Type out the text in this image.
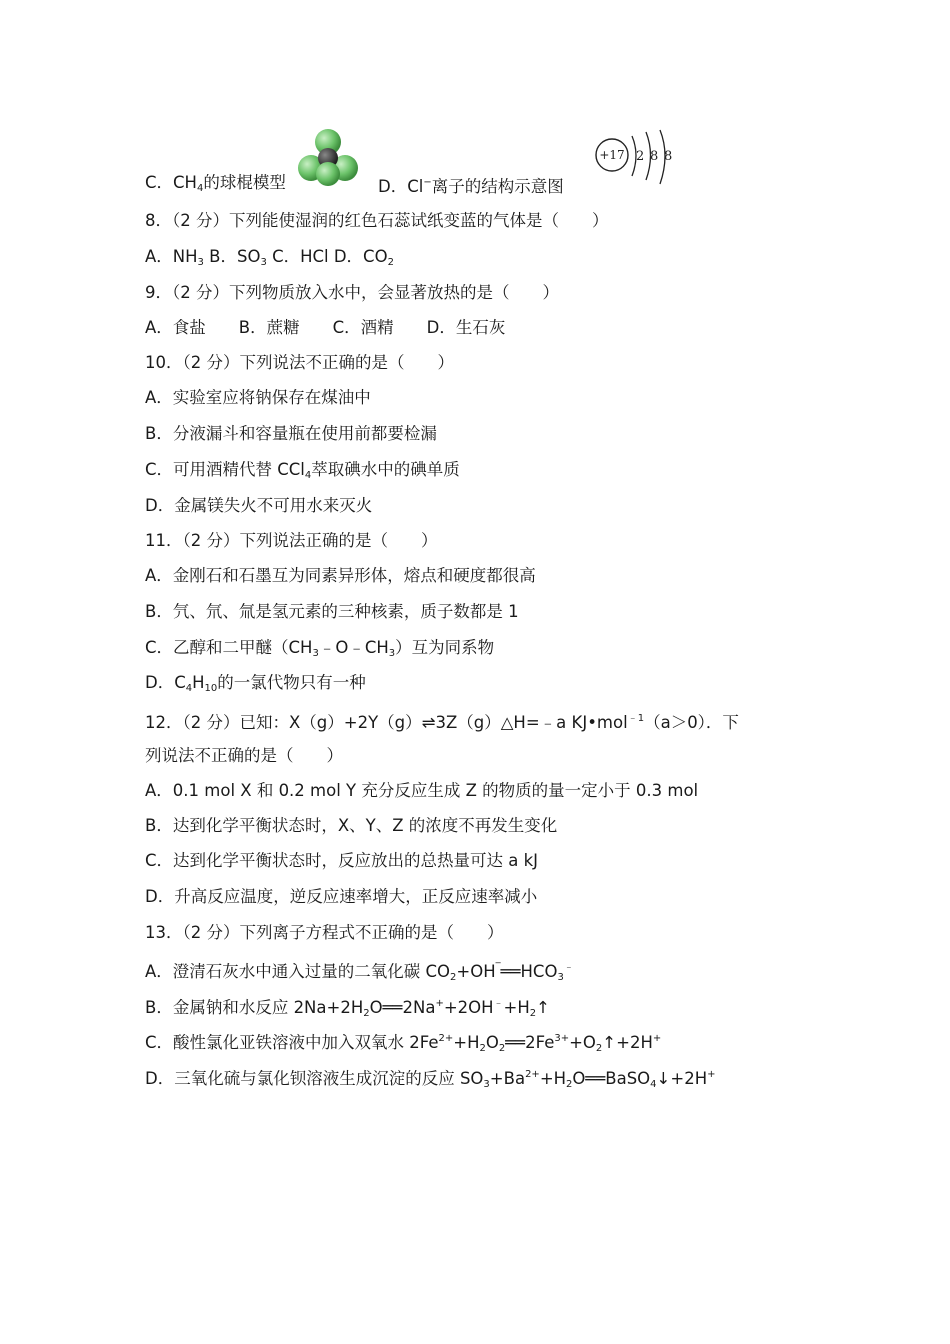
C．$CH_4$的球棍模型	D．Cl−离子的结构示意图
+17 2 8 8
8．（2 分）下列能使湿润的红色石蕊试纸变蓝的气体是（　　）
A．$NH_3$ B．$SO_3$ C．HCl D．$CO_2$
9．（2 分）下列物质放入水中，会显著放热的是（　　）
A．食盐　　B．蔗糖　　C．酒精　　D．生石灰
10．（2 分）下列说法不正确的是（　　）
A．实验室应将钠保存在煤油中
B．分液漏斗和容量瓶在使用前都要检漏
C．可用酒精代替 CCl$_4$萃取碘水中的碘单质
D．金属镁失火不可用水来灭火
11．（2 分）下列说法正确的是（　　）
A．金刚石和石墨互为同素异形体，熔点和硬度都很高
B．氕、氘、氚是氢元素的三种核素，质子数都是 1
C．乙醇和二甲醚$(CH_3﹣O﹣CH_3)$互为同系物
D．$C_4H_{10}$的一氯代物只有一种
12．（2 分）已知：X（g）+2Y（g）⇌3Z（g）△H=﹣a KJ•mol$^{﹣1}$（a＞0）．下
列说法不正确的是（　　）
A．0.1 mol X 和 0.2 mol Y 充分反应生成 Z 的物质的量一定小于 0.3 mol
B．达到化学平衡状态时，X、Y、Z 的浓度不再发生变化
C．达到化学平衡状态时，反应放出的总热量可达 a kJ
D．升高反应温度，逆反应速率增大，正反应速率减小
13．（2 分）下列离子方程式不正确的是（　　）
A．澄清石灰水中通入过量的二氧化碳 $CO_2+OH^‾══HCO_3^﹣$
B．金属钠和水反应 $2Na+2H_2O══2Na^++2OH^﹣+H_2↑$
C．酸性氯化亚铁溶液中加入双氧水 $2Fe^{2+}+H_2O_2══2Fe^{3+}+O_2↑+2H^+$
D．三氧化硫与氯化钡溶液生成沉淀的反应 $SO_3+Ba^{2+}+H_2O══BaSO_4↓+2H^+$
